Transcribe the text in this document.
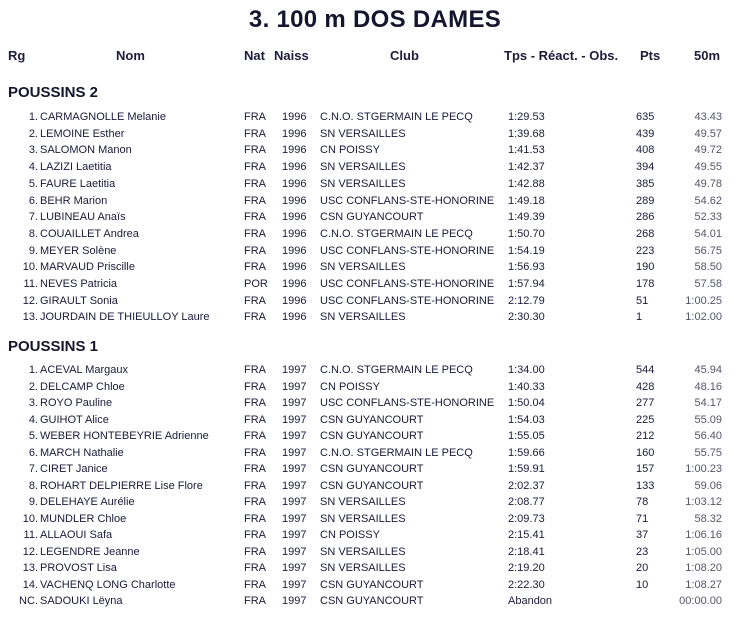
3. 100 m DOS DAMES
Rg	Nom	Nat Naiss	Club	Tps - Réact. - Obs. Pts	50m
POUSSINS 2
1. CARMAGNOLLE Melanie	FRA 1996 C.N.O. STGERMAIN LE PECQ	1:29.53	635	43.43
2. LEMOINE Esther	FRA 1996 SN VERSAILLES	1:39.68	439	49.57
3. SALOMON Manon	FRA 1996 CN POISSY	1:41.53	408	49.72
4. LAZIZI Laetitia	FRA 1996 SN VERSAILLES	1:42.37	394	49.55
5. FAURE Laetitia	FRA 1996 SN VERSAILLES	1:42.88	385	49.78
6. BEHR Marion	FRA 1996 USC CONFLANS-STE-HONORINE 1:49.18	289	54.62
7. LUBINEAU Anaïs	FRA 1996 CSN GUYANCOURT	1:49.39	286	52.33
8. COUAILLET Andrea	FRA 1996 C.N.O. STGERMAIN LE PECQ	1:50.70	268	54.01
9. MEYER Solène	FRA 1996 USC CONFLANS-STE-HONORINE 1:54.19	223	56.75
10. MARVAUD Priscille	FRA 1996 SN VERSAILLES	1:56.93	190	58.50
11. NEVES Patricia	POR 1996 USC CONFLANS-STE-HONORINE 1:57.94	178	57.58
12. GIRAULT Sonia	FRA 1996 USC CONFLANS-STE-HONORINE 2:12.79	51	1:00.25
13. JOURDAIN DE THIEULLOY Laure	FRA 1996 SN VERSAILLES	2:30.30	1	1:02.00
POUSSINS 1
1. ACEVAL Margaux	FRA 1997 C.N.O. STGERMAIN LE PECQ	1:34.00	544	45.94
2. DELCAMP Chloe	FRA 1997 CN POISSY	1:40.33	428	48.16
3. ROYO Pauline	FRA 1997 USC CONFLANS-STE-HONORINE 1:50.04	277	54.17
4. GUIHOT Alice	FRA 1997 CSN GUYANCOURT	1:54.03	225	55.09
5. WEBER HONTEBEYRIE Adrienne	FRA 1997 CSN GUYANCOURT	1:55.05	212	56.40
6. MARCH Nathalie	FRA 1997 C.N.O. STGERMAIN LE PECQ	1:59.66	160	55.75
7. CIRET Janice	FRA 1997 CSN GUYANCOURT	1:59.91	157	1:00.23
8. ROHART DELPIERRE Lise Flore	FRA 1997 CSN GUYANCOURT	2:02.37	133	59.06
9. DELEHAYE Aurélie	FRA 1997 SN VERSAILLES	2:08.77	78	1:03.12
10. MUNDLER Chloe	FRA 1997 SN VERSAILLES	2:09.73	71	58.32
11. ALLAOUI Safa	FRA 1997 CN POISSY	2:15.41	37	1:06.16
12. LEGENDRE Jeanne	FRA 1997 SN VERSAILLES	2:18.41	23	1:05.00
13. PROVOST Lisa	FRA 1997 SN VERSAILLES	2:19.20	20	1:08.20
14. VACHENQ LONG Charlotte	FRA 1997 CSN GUYANCOURT	2:22.30	10	1:08.27
NC. SADOUKI Lëyna	FRA 1997 CSN GUYANCOURT	Abandon	00:00.00
